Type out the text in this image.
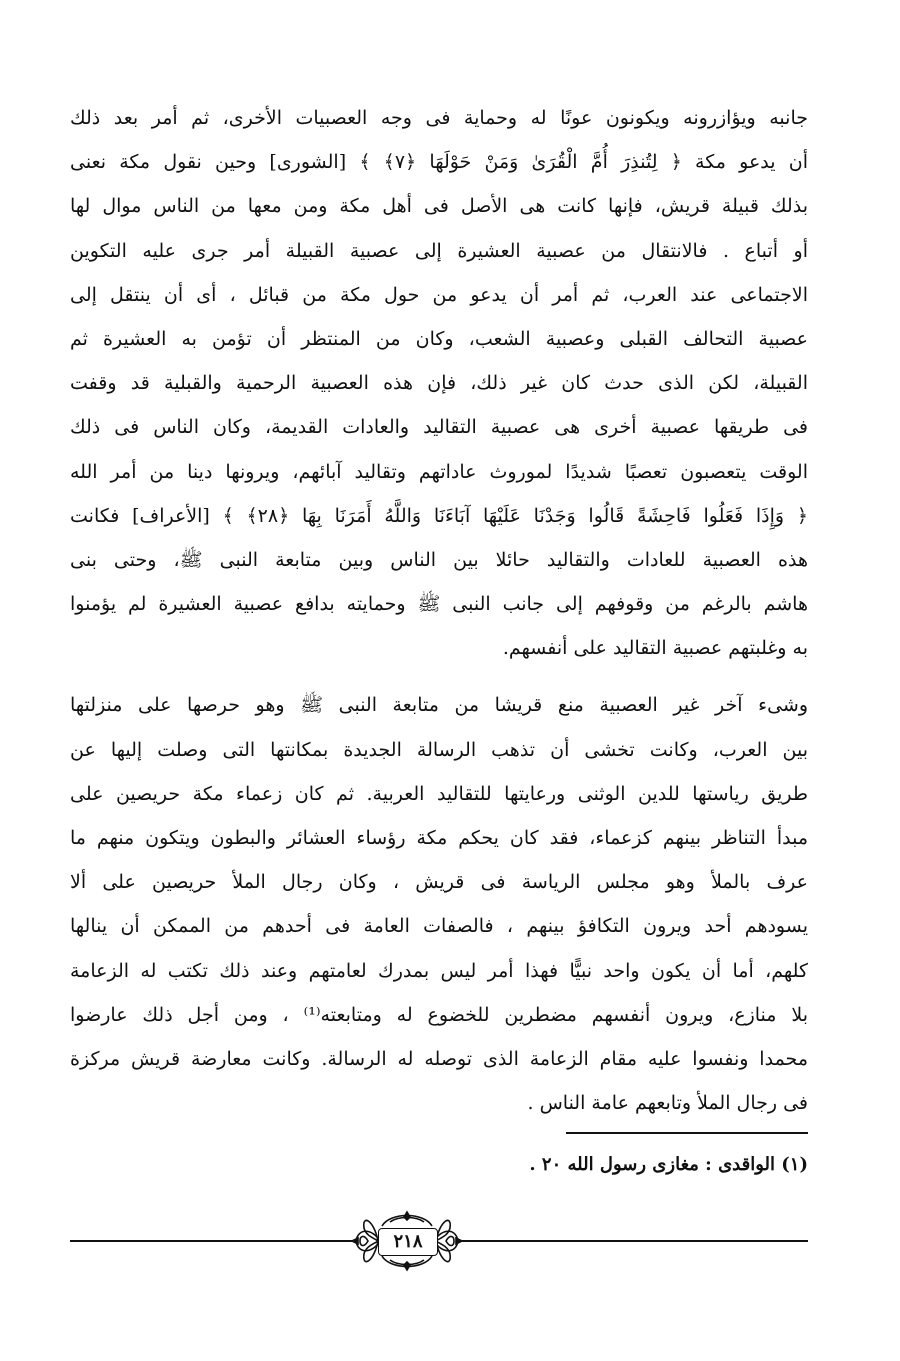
جانبه ويؤازرونه ويكونون عونًا له وحماية فى وجه العصبيات الأخرى، ثم أمر بعد ذلك
أن يدعو مكة ﴿ لِتُنذِرَ أُمَّ الْقُرَىٰ وَمَنْ حَوْلَهَا ﴿٧﴾ ﴾ [الشورى] وحين نقول مكة نعنى
بذلك قبيلة قريش، فإنها كانت هى الأصل فى أهل مكة ومن معها من الناس موال لها
أو أتباع . فالانتقال من عصبية العشيرة إلى عصبية القبيلة أمر جرى عليه التكوين
الاجتماعى عند العرب، ثم أمر أن يدعو من حول مكة من قبائل ، أى أن ينتقل إلى
عصبية التحالف القبلى وعصبية الشعب، وكان من المنتظر أن تؤمن به العشيرة ثم
القبيلة، لكن الذى حدث كان غير ذلك، فإن هذه العصبية الرحمية والقبلية قد وقفت
فى طريقها عصبية أخرى هى عصبية التقاليد والعادات القديمة، وكان الناس فى ذلك
الوقت يتعصبون تعصبًا شديدًا لموروث عاداتهم وتقاليد آبائهم، ويرونها دينا من أمر الله
﴿ وَإِذَا فَعَلُوا فَاحِشَةً قَالُوا وَجَدْنَا عَلَيْهَا آبَاءَنَا وَاللَّهُ أَمَرَنَا بِهَا ﴿٢٨﴾ ﴾ [الأعراف] فكانت
هذه العصبية للعادات والتقاليد حائلا بين الناس وبين متابعة النبى ﷺ، وحتى بنى
هاشم بالرغم من وقوفهم إلى جانب النبى ﷺ وحمايته بدافع عصبية العشيرة لم يؤمنوا
به وغلبتهم عصبية التقاليد على أنفسهم.
وشىء آخر غير العصبية منع قريشا من متابعة النبى ﷺ وهو حرصها على منزلتها
بين العرب، وكانت تخشى أن تذهب الرسالة الجديدة بمكانتها التى وصلت إليها عن
طريق رياستها للدين الوثنى ورعايتها للتقاليد العربية. ثم كان زعماء مكة حريصين على
مبدأ التناظر بينهم كزعماء، فقد كان يحكم مكة رؤساء العشائر والبطون ويتكون منهم ما
عرف بالملأ وهو مجلس الرياسة فى قريش ، وكان رجال الملأ حريصين على ألا
يسودهم أحد ويرون التكافؤ بينهم ، فالصفات العامة فى أحدهم من الممكن أن ينالها
كلهم، أما أن يكون واحد نبيًّا فهذا أمر ليس بمدرك لعامتهم وعند ذلك تكتب له الزعامة
بلا منازع، ويرون أنفسهم مضطرين للخضوع له ومتابعته⁽¹⁾ ، ومن أجل ذلك عارضوا
محمدا ونفسوا عليه مقام الزعامة الذى توصله له الرسالة. وكانت معارضة قريش مركزة
فى رجال الملأ وتابعهم عامة الناس .
(١) الواقدى : مغازى رسول الله ٢٠ .
٢١٨
